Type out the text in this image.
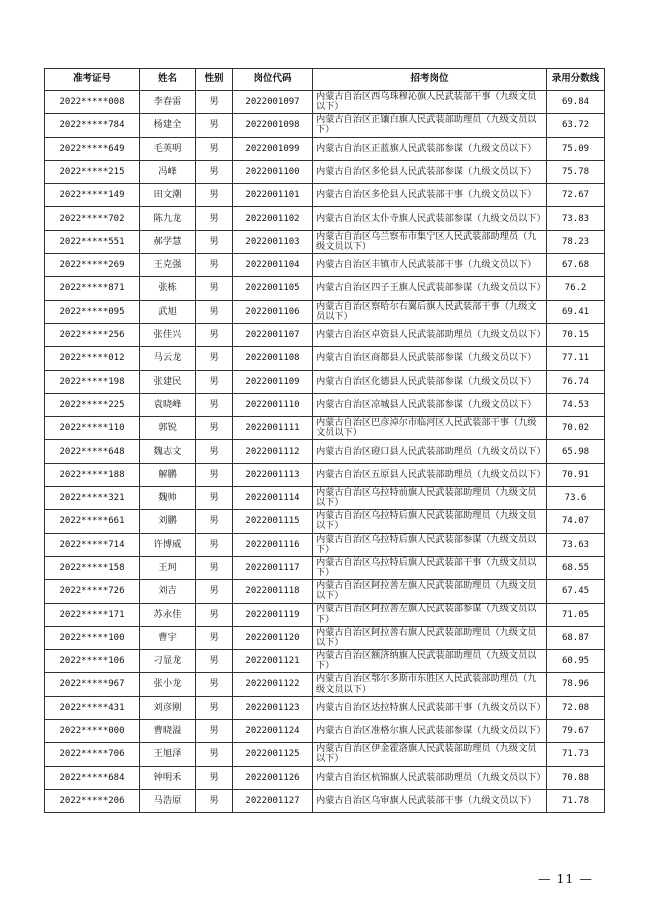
准考证号	姓名	性别	岗位代码	招考岗位	录用分数线
2022*****008	李春雷	男	2022001097	内蒙古自治区西乌珠穆沁旗人民武装部干事（九级文员以下）	69.84
2022*****784	杨建全	男	2022001098	内蒙古自治区正镶白旗人民武装部助理员（九级文员以下）	63.72
2022*****649	毛英明	男	2022001099	内蒙古自治区正蓝旗人民武装部参谋（九级文员以下）	75.09
2022*****215	冯峰	男	2022001100	内蒙古自治区多伦县人民武装部参谋（九级文员以下）	75.78
2022*****149	田文潮	男	2022001101	内蒙古自治区多伦县人民武装部干事（九级文员以下）	72.67
2022*****702	陈九龙	男	2022001102	内蒙古自治区太仆寺旗人民武装部参谋（九级文员以下）	73.83
2022*****551	郝学慧	男	2022001103	内蒙古自治区乌兰察布市集宁区人民武装部助理员（九级文员以下）	78.23
2022*****269	王克强	男	2022001104	内蒙古自治区丰镇市人民武装部干事（九级文员以下）	67.68
2022*****871	张栋	男	2022001105	内蒙古自治区四子王旗人民武装部参谋（九级文员以下）	76.2
2022*****095	武旭	男	2022001106	内蒙古自治区察哈尔右翼后旗人民武装部干事（九级文员以下）	69.41
2022*****256	张佳兴	男	2022001107	内蒙古自治区卓资县人民武装部助理员（九级文员以下）	70.15
2022*****012	马云龙	男	2022001108	内蒙古自治区商都县人民武装部参谋（九级文员以下）	77.11
2022*****198	张建民	男	2022001109	内蒙古自治区化德县人民武装部参谋（九级文员以下）	76.74
2022*****225	袁晓峰	男	2022001110	内蒙古自治区凉城县人民武装部参谋（九级文员以下）	74.53
2022*****110	郭锐	男	2022001111	内蒙古自治区巴彦淖尔市临河区人民武装部干事（九级文员以下）	70.02
2022*****648	魏志文	男	2022001112	内蒙古自治区磴口县人民武装部助理员（九级文员以下）	65.98
2022*****188	解鹏	男	2022001113	内蒙古自治区五原县人民武装部助理员（九级文员以下）	70.91
2022*****321	魏帅	男	2022001114	内蒙古自治区乌拉特前旗人民武装部助理员（九级文员以下）	73.6
2022*****661	刘鹏	男	2022001115	内蒙古自治区乌拉特后旗人民武装部助理员（九级文员以下）	74.07
2022*****714	许博威	男	2022001116	内蒙古自治区乌拉特后旗人民武装部参谋（九级文员以下）	73.63
2022*****158	王珂	男	2022001117	内蒙古自治区乌拉特后旗人民武装部干事（九级文员以下）	68.55
2022*****726	刘吉	男	2022001118	内蒙古自治区阿拉善左旗人民武装部助理员（九级文员以下）	67.45
2022*****171	苏永佳	男	2022001119	内蒙古自治区阿拉善左旗人民武装部参谋（九级文员以下）	71.05
2022*****100	曹宇	男	2022001120	内蒙古自治区阿拉善右旗人民武装部助理员（九级文员以下）	68.87
2022*****106	刁显龙	男	2022001121	内蒙古自治区额济纳旗人民武装部助理员（九级文员以下）	60.95
2022*****967	张小龙	男	2022001122	内蒙古自治区鄂尔多斯市东胜区人民武装部助理员（九级文员以下）	78.96
2022*****431	刘彦刚	男	2022001123	内蒙古自治区达拉特旗人民武装部干事（九级文员以下）	72.08
2022*****000	曹晓溢	男	2022001124	内蒙古自治区准格尔旗人民武装部参谋（九级文员以下）	79.67
2022*****706	王旭泽	男	2022001125	内蒙古自治区伊金霍洛旗人民武装部助理员（九级文员以下）	71.73
2022*****684	钟明禾	男	2022001126	内蒙古自治区杭锦旗人民武装部助理员（九级文员以下）	70.88
2022*****206	马浩原	男	2022001127	内蒙古自治区乌审旗人民武装部干事（九级文员以下）	71.78
— 11 —
